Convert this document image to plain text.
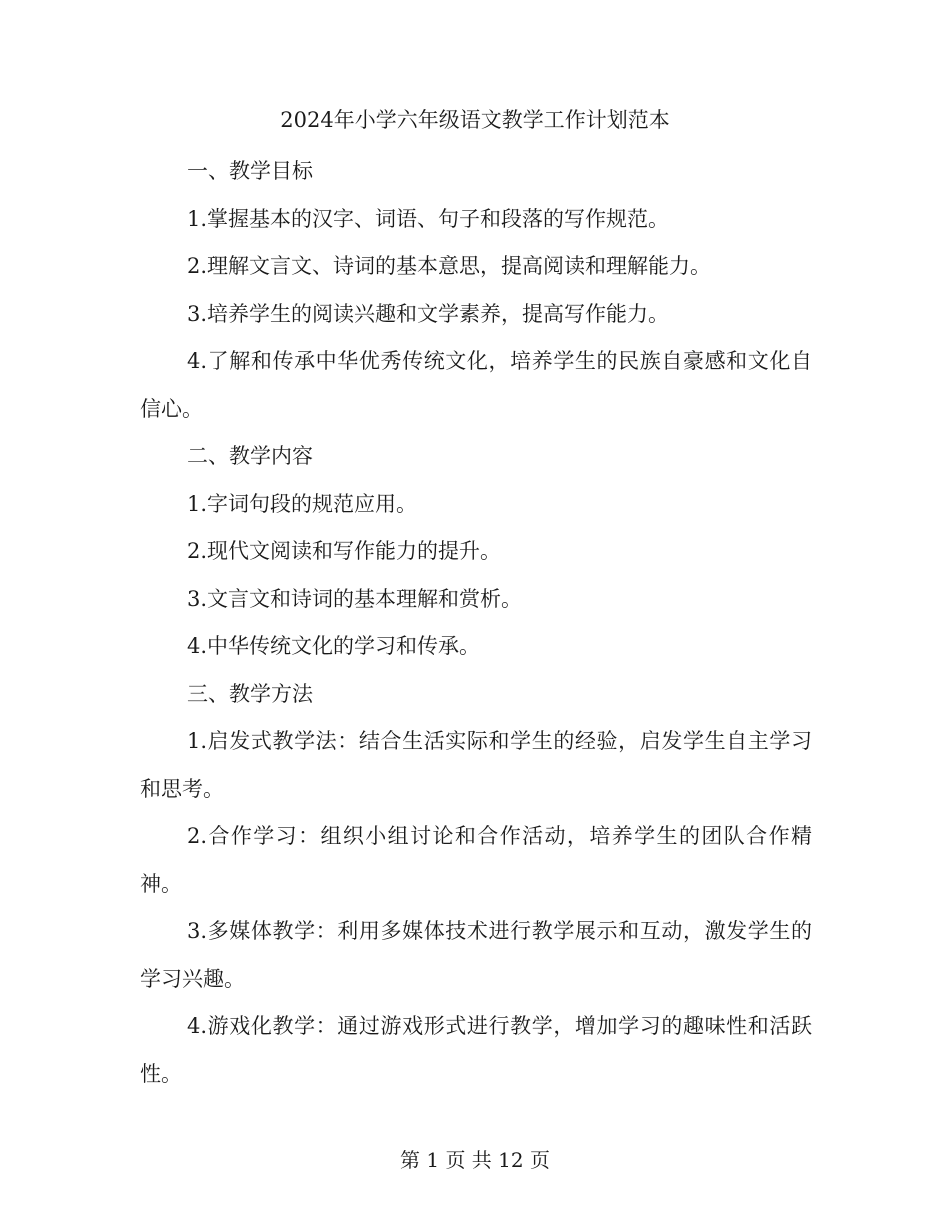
2024年小学六年级语文教学工作计划范本

一、教学目标

1.掌握基本的汉字、词语、句子和段落的写作规范。

2.理解文言文、诗词的基本意思，提高阅读和理解能力。

3.培养学生的阅读兴趣和文学素养，提高写作能力。

4.了解和传承中华优秀传统文化，培养学生的民族自豪感和文化自信心。

二、教学内容

1.字词句段的规范应用。

2.现代文阅读和写作能力的提升。

3.文言文和诗词的基本理解和赏析。

4.中华传统文化的学习和传承。

三、教学方法

1.启发式教学法：结合生活实际和学生的经验，启发学生自主学习和思考。

2.合作学习：组织小组讨论和合作活动，培养学生的团队合作精神。

3.多媒体教学：利用多媒体技术进行教学展示和互动，激发学生的学习兴趣。

4.游戏化教学：通过游戏形式进行教学，增加学习的趣味性和活跃性。

第 1 页 共 12 页
